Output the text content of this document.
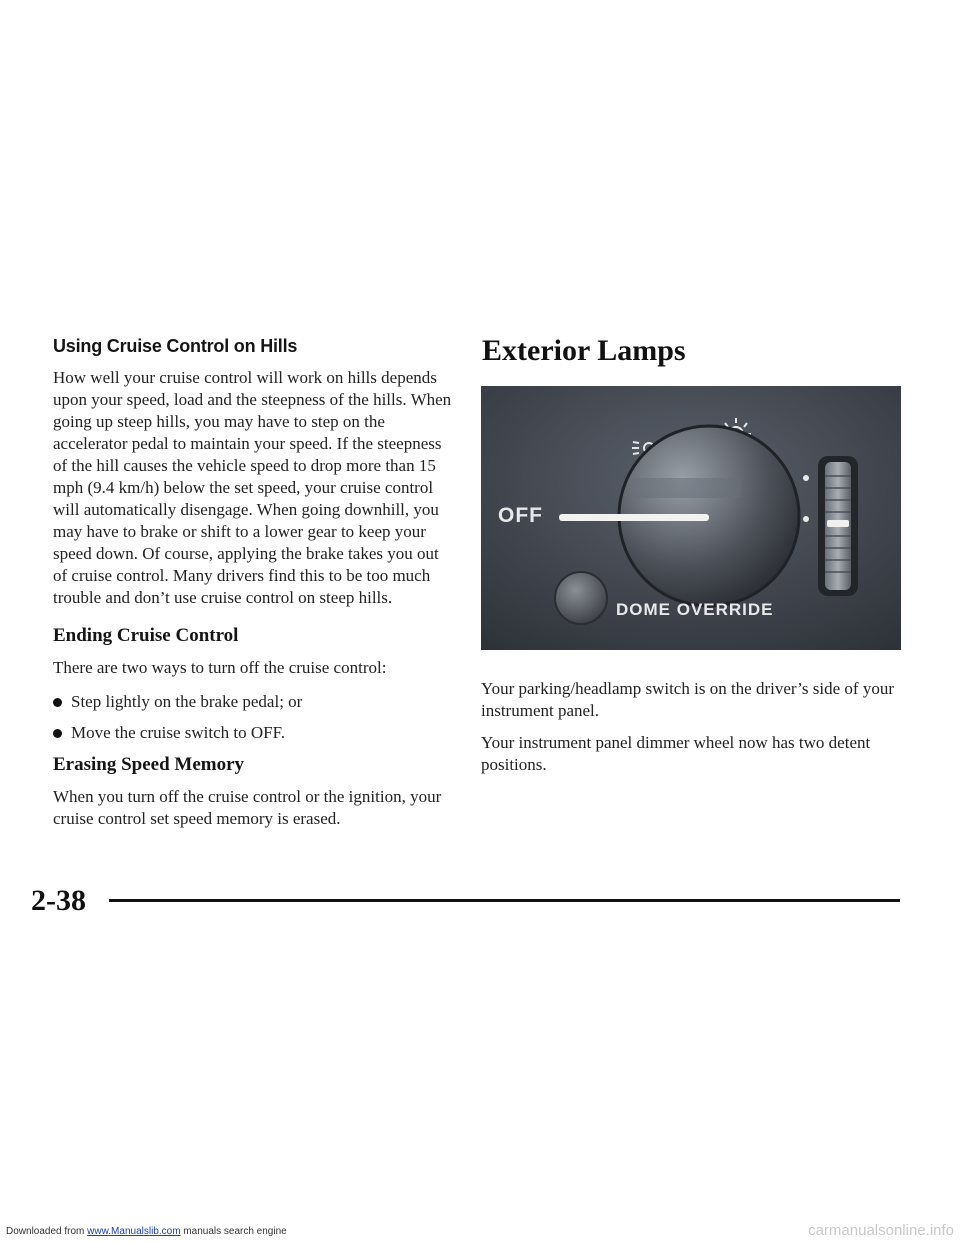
Using Cruise Control on Hills

How well your cruise control will work on hills depends upon your speed, load and the steepness of the hills. When going up steep hills, you may have to step on the accelerator pedal to maintain your speed. If the steepness of the hill causes the vehicle speed to drop more than 15 mph (9.4 km/h) below the set speed, your cruise control will automatically disengage. When going downhill, you may have to brake or shift to a lower gear to keep your speed down. Of course, applying the brake takes you out of cruise control. Many drivers find this to be too much trouble and don’t use cruise control on steep hills.

Ending Cruise Control

There are two ways to turn off the cruise control:

Step lightly on the brake pedal; or
Move the cruise switch to OFF.
Erasing Speed Memory

When you turn off the cruise control or the ignition, your cruise control set speed memory is erased.

Exterior Lamps
OFF
DOME OVERRIDE

Your parking/headlamp switch is on the driver’s side of your instrument panel.

Your instrument panel dimmer wheel now has two detent positions.

2-38
Downloaded from www.Manualslib.com manuals search engine	carmanualsonline.info
